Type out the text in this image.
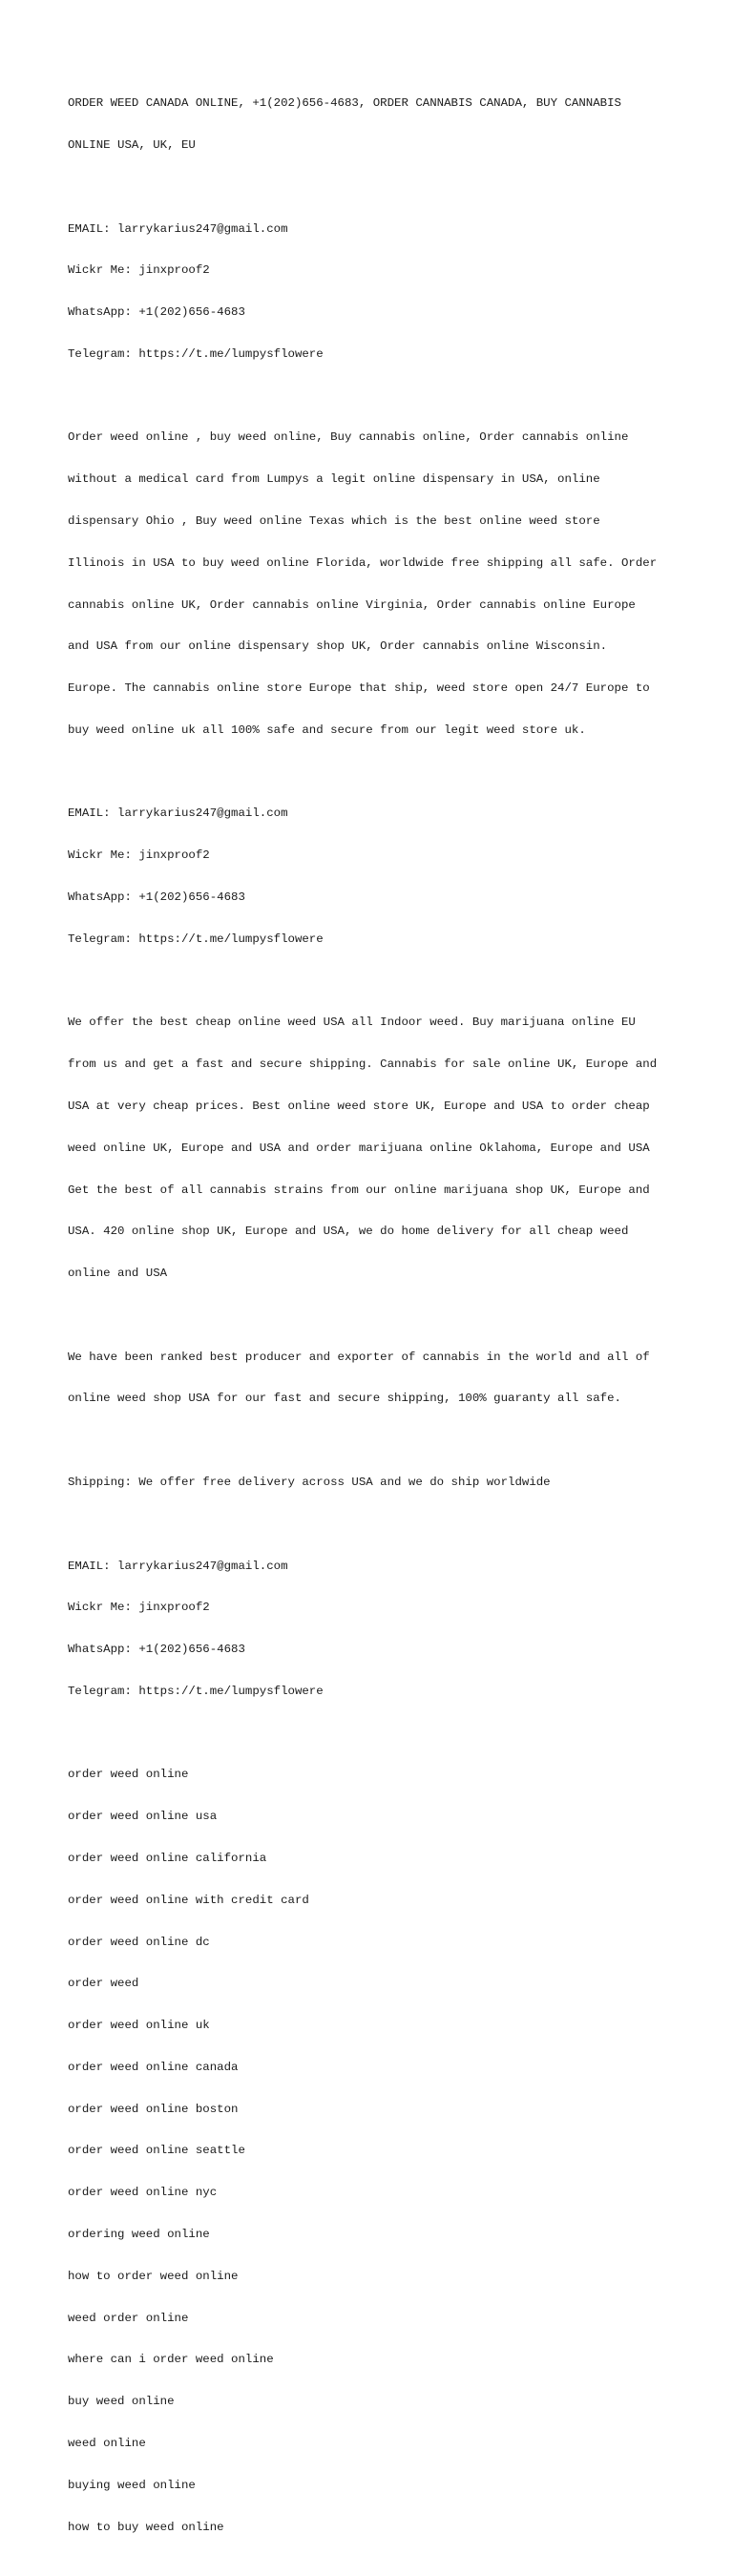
ORDER WEED CANADA ONLINE, +1(202)656-4683, ORDER CANNABIS CANADA, BUY CANNABIS

ONLINE USA, UK, EU

EMAIL: larrykarius247@gmail.com

Wickr Me: jinxproof2

WhatsApp: +1(202)656-4683

Telegram: https://t.me/lumpysflowere

Order weed online , buy weed online, Buy cannabis online, Order cannabis online

without a medical card from Lumpys a legit online dispensary in USA, online

dispensary Ohio , Buy weed online Texas which is the best online weed store

Illinois in USA to buy weed online Florida, worldwide free shipping all safe. Order

cannabis online UK, Order cannabis online Virginia, Order cannabis online Europe

and USA from our online dispensary shop UK, Order cannabis online Wisconsin.

Europe. The cannabis online store Europe that ship, weed store open 24/7 Europe to

buy weed online uk all 100% safe and secure from our legit weed store uk.

EMAIL: larrykarius247@gmail.com

Wickr Me: jinxproof2

WhatsApp: +1(202)656-4683

Telegram: https://t.me/lumpysflowere

We offer the best cheap online weed USA all Indoor weed. Buy marijuana online EU

from us and get a fast and secure shipping. Cannabis for sale online UK, Europe and

USA at very cheap prices. Best online weed store UK, Europe and USA to order cheap

weed online UK, Europe and USA and order marijuana online Oklahoma, Europe and USA

Get the best of all cannabis strains from our online marijuana shop UK, Europe and

USA. 420 online shop UK, Europe and USA, we do home delivery for all cheap weed

online and USA

We have been ranked best producer and exporter of cannabis in the world and all of

online weed shop USA for our fast and secure shipping, 100% guaranty all safe.

Shipping: We offer free delivery across USA and we do ship worldwide

EMAIL: larrykarius247@gmail.com

Wickr Me: jinxproof2

WhatsApp: +1(202)656-4683

Telegram: https://t.me/lumpysflowere

order weed online

order weed online usa

order weed online california

order weed online with credit card

order weed online dc

order weed

order weed online uk

order weed online canada

order weed online boston

order weed online seattle

order weed online nyc

ordering weed online

how to order weed online

weed order online

where can i order weed online

buy weed online

weed online

buying weed online

how to buy weed online
